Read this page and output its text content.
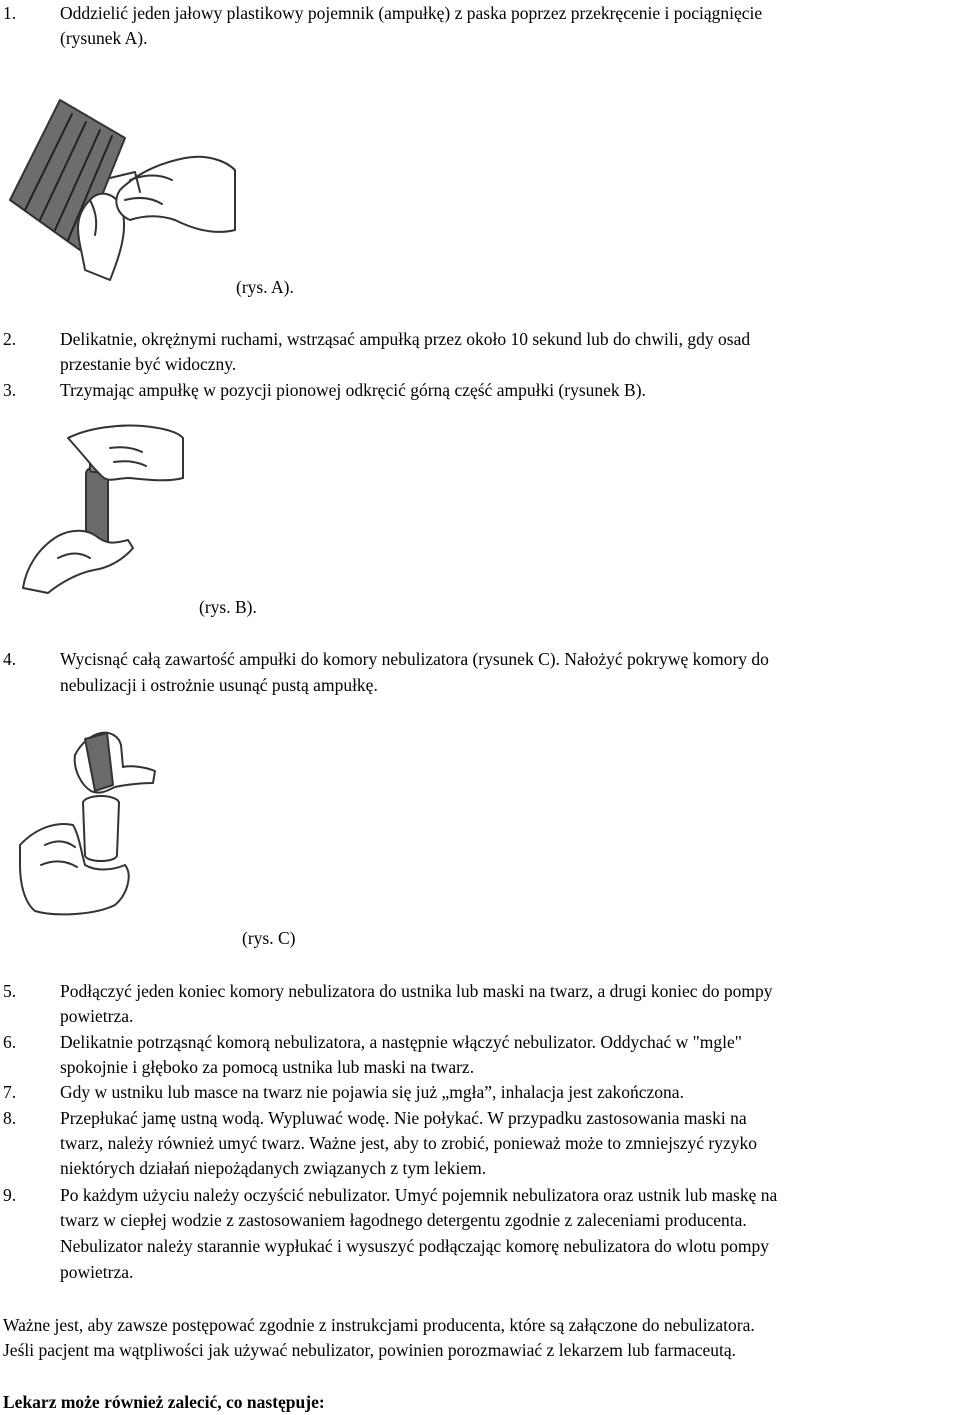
1.	Oddzielić jeden jałowy plastikowy pojemnik (ampułkę) z paska poprzez przekręcenie i pociągnięcie
(rysunek A).
(rys. A).
2.	Delikatnie, okrężnymi ruchami, wstrząsać ampułką przez około 10 sekund lub do chwili, gdy osad
przestanie być widoczny.
3.	Trzymając ampułkę w pozycji pionowej odkręcić górną część ampułki (rysunek B).
(rys. B).
4.	Wycisnąć całą zawartość ampułki do komory nebulizatora (rysunek C). Nałożyć pokrywę komory do
nebulizacji i ostrożnie usunąć pustą ampułkę.
(rys. C)
5.	Podłączyć jeden koniec komory nebulizatora do ustnika lub maski na twarz, a drugi koniec do pompy
powietrza.
6.	Delikatnie potrząsnąć komorą nebulizatora, a następnie włączyć nebulizator. Oddychać w "mgle"
spokojnie i głęboko za pomocą ustnika lub maski na twarz.
7.	Gdy w ustniku lub masce na twarz nie pojawia się już „mgła”, inhalacja jest zakończona.
8.	Przepłukać jamę ustną wodą. Wypluwać wodę. Nie połykać. W przypadku zastosowania maski na
twarz, należy również umyć twarz. Ważne jest, aby to zrobić, ponieważ może to zmniejszyć ryzyko
niektórych działań niepożądanych związanych z tym lekiem.
9.	Po każdym użyciu należy oczyścić nebulizator. Umyć pojemnik nebulizatora oraz ustnik lub maskę na
twarz w ciepłej wodzie z zastosowaniem łagodnego detergentu zgodnie z zaleceniami producenta.
Nebulizator należy starannie wypłukać i wysuszyć podłączając komorę nebulizatora do wlotu pompy
powietrza.
Ważne jest, aby zawsze postępować zgodnie z instrukcjami producenta, które są załączone do nebulizatora.
Jeśli pacjent ma wątpliwości jak używać nebulizator, powinien porozmawiać z lekarzem lub farmaceutą.
Lekarz może również zalecić, co następuje:
